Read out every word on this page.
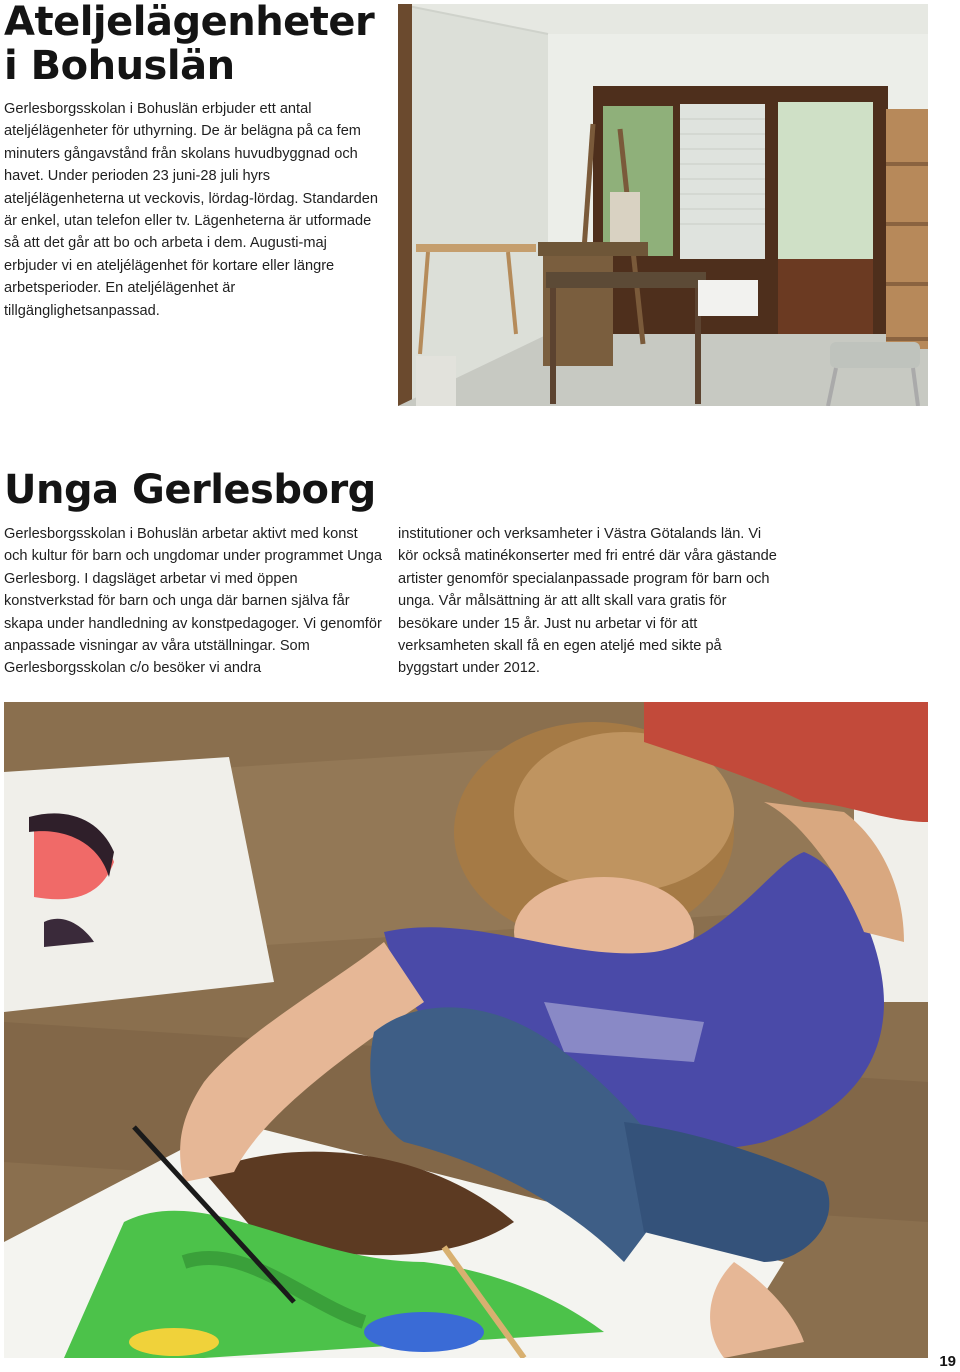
Ateljelägenheter
i Bohuslän

Gerlesborgsskolan i Bohuslän erbjuder ett antal ateljélägenheter för uthyrning. De är belägna på ca fem minuters gångavstånd från skolans huvudbyggnad och havet. Under perioden 23 juni-28 juli hyrs ateljélägenheterna ut veckovis, lördag-lördag. Standarden är enkel, utan telefon eller tv. Lägenheterna är utformade så att det går att bo och arbeta i dem. Augusti-maj erbjuder vi en ateljélägenhet för kortare eller längre arbetsperioder. En ateljélägenhet är tillgänglighetsanpassad.

Unga Gerlesborg

Gerlesborgsskolan i Bohuslän arbetar aktivt med konst och kultur för barn och ungdomar under programmet Unga Gerlesborg. I dagsläget arbetar vi med öppen konstverkstad för barn och unga där barnen själva får skapa under handledning av konstpedagoger. Vi genomför anpassade visningar av våra utställningar. Som Gerlesborgsskolan c/o besöker vi andra

institutioner och verksamheter i Västra Götalands län. Vi kör också matinékonserter med fri entré där våra gästande artister genomför specialanpassade program för barn och unga. Vår målsättning är att allt skall vara gratis för besökare under 15 år. Just nu arbetar vi för att verksamheten skall få en egen ateljé med sikte på byggstart under 2012.

19
